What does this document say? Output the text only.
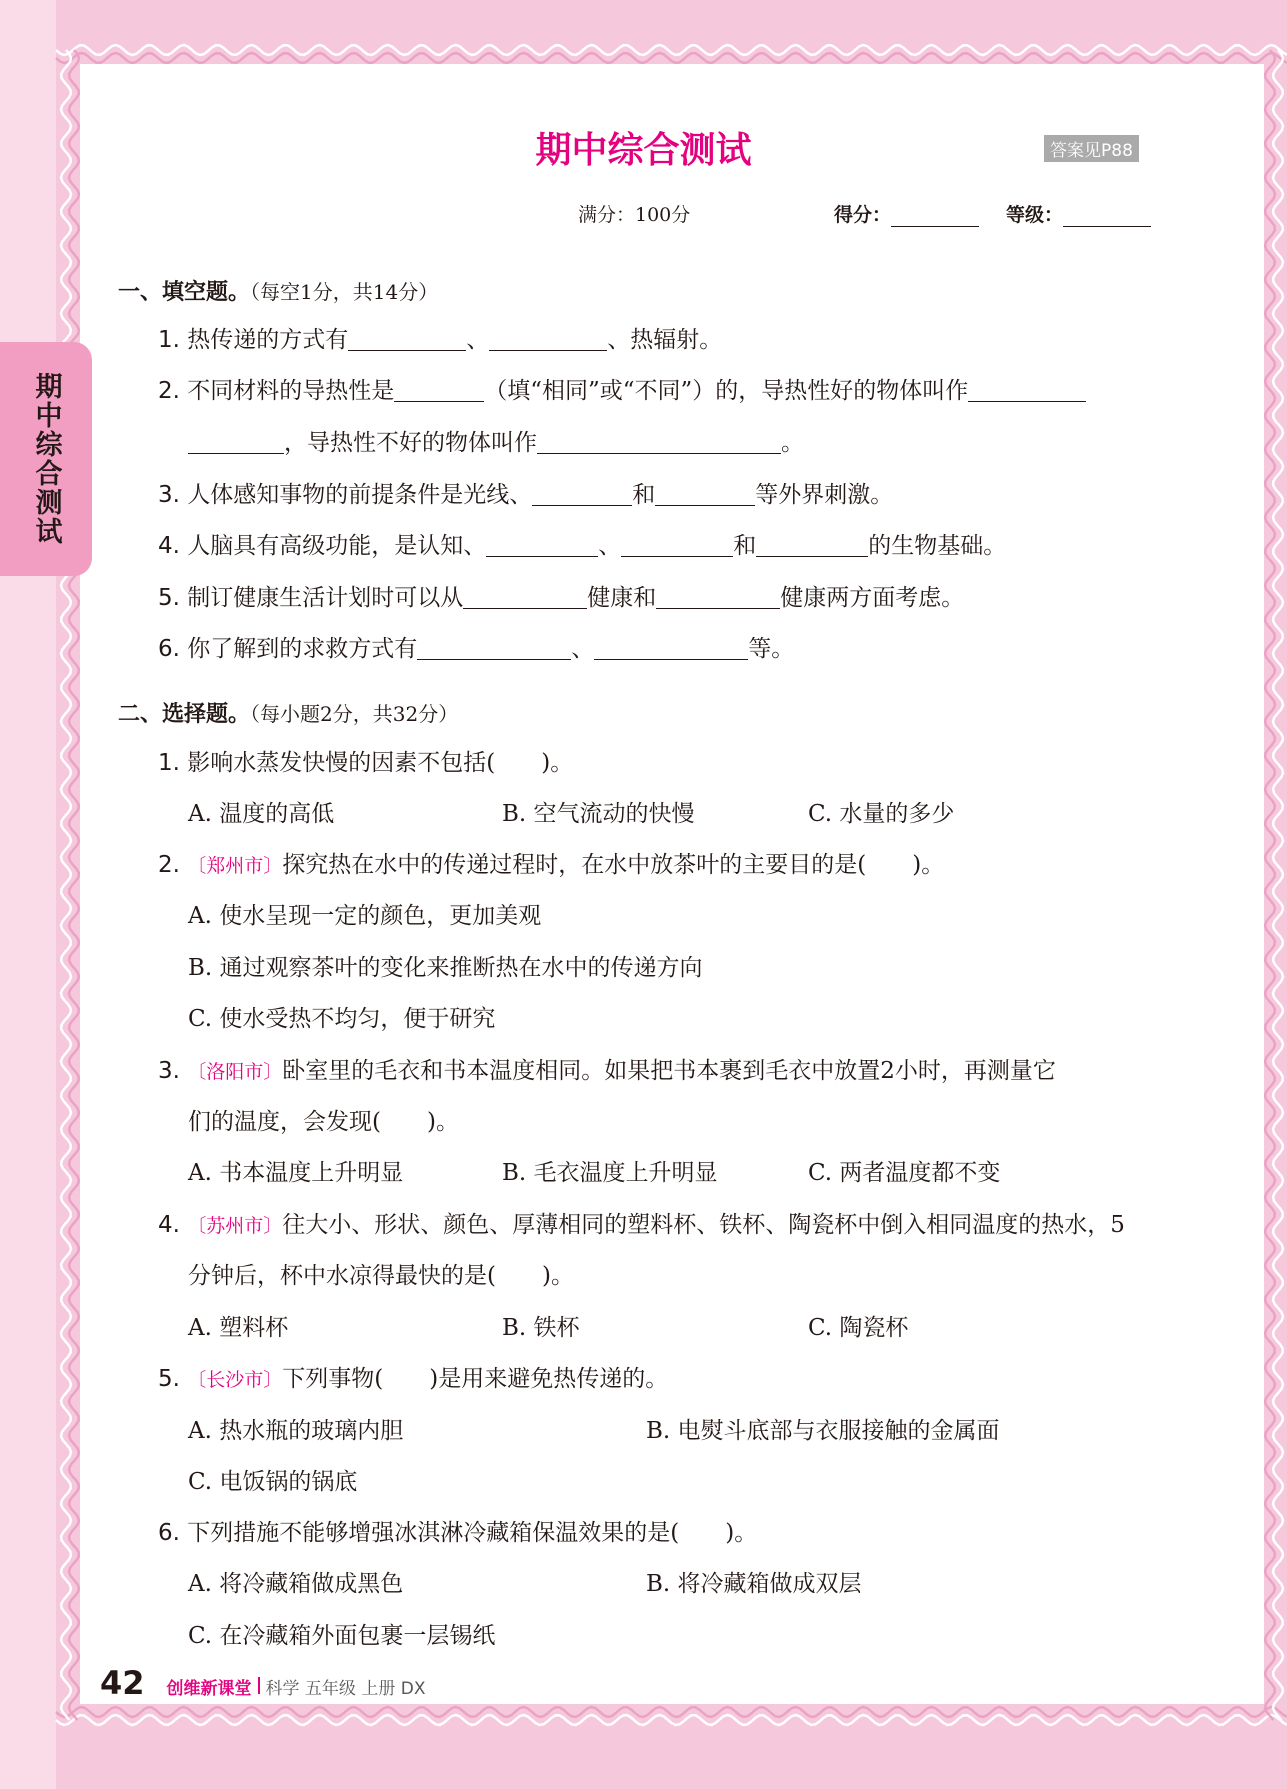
期中综合测试
期中综合测试	答案见P88
满分：100分	得分：	等级：
一、填空题。（每空1分，共14分）
1. 热传递的方式有	、	、热辐射。
2. 不同材料的导热性是	（填“相同”或“不同”）的，导热性好的物体叫作
，导热性不好的物体叫作	。
3. 人体感知事物的前提条件是光线、	和	等外界刺激。
4. 人脑具有高级功能，是认知、	、	和	的生物基础。
5. 制订健康生活计划时可以从	健康和	健康两方面考虑。
6. 你了解到的求救方式有	、	等。
二、选择题。（每小题2分，共32分）
1. 影响水蒸发快慢的因素不包括(　　)。
A. 温度的高低	B. 空气流动的快慢	C. 水量的多少
2. 〔郑州市〕探究热在水中的传递过程时，在水中放茶叶的主要目的是(　　)。
A. 使水呈现一定的颜色，更加美观
B. 通过观察茶叶的变化来推断热在水中的传递方向
C. 使水受热不均匀，便于研究
3. 〔洛阳市〕卧室里的毛衣和书本温度相同。如果把书本裹到毛衣中放置2小时，再测量它
们的温度，会发现(　　)。
A. 书本温度上升明显	B. 毛衣温度上升明显	C. 两者温度都不变
4. 〔苏州市〕往大小、形状、颜色、厚薄相同的塑料杯、铁杯、陶瓷杯中倒入相同温度的热水，5
分钟后，杯中水凉得最快的是(　　)。
A. 塑料杯	B. 铁杯	C. 陶瓷杯
5. 〔长沙市〕下列事物(　　)是用来避免热传递的。
A. 热水瓶的玻璃内胆	B. 电熨斗底部与衣服接触的金属面
C. 电饭锅的锅底
6. 下列措施不能够增强冰淇淋冷藏箱保温效果的是(　　)。
A. 将冷藏箱做成黑色	B. 将冷藏箱做成双层
C. 在冷藏箱外面包裹一层锡纸
42 创维新课堂 科学 五年级 上册 DX
